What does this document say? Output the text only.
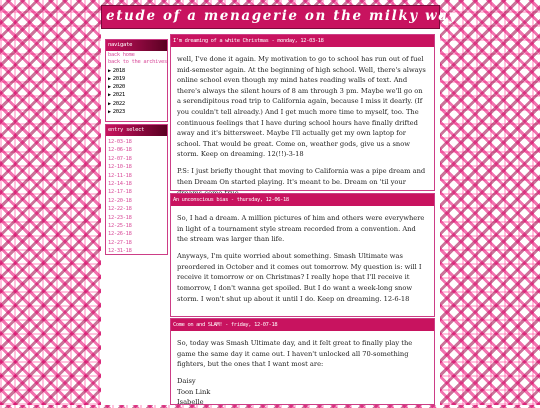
etude of a menagerie on the milky way
navigate
back home
back to the archives
▶ 2018
▶ 2019
▶ 2020
▶ 2021
▶ 2022
▶ 2023
entry select
12-03-18
12-06-18
12-07-18
12-10-18
12-11-18
12-14-18
12-17-18
12-20-18
12-22-18
12-23-18
12-25-18
12-26-18
12-27-18
12-31-18
I'm dreaming of a white Christmas - monday, 12-03-18

well, I've done it again. My motivation to go to school has run out of fuel mid-semester again. At the beginning of high school. Well, there's always online school even though my mind hates reading walls of text. And there's always the silent hours of 8 am through 3 pm. Maybe we'll go on a serendipitous road trip to California again, because I miss it dearly. (If you couldn't tell already.) And I get much more time to myself, too. The continuous feelings that I have during school hours have finally drifted away and it's bittersweet. Maybe I'll actually get my own laptop for school. That would be great. Come on, weather gods, give us a snow storm. Keep on dreaming. 12(!!)-3-18

P.S: I just briefly thought that moving to California was a pipe dream and then Dream On started playing. It's meant to be. Dream on 'til your

An unconscious bias - thursday, 12-06-18

So, I had a dream. A million pictures of him and others were everywhere in light of a tournament style stream recorded from a convention. And the stream was larger than life.

Anyways, I'm quite worried about something. Smash Ultimate was preordered in October and it comes out tomorrow. My question is: will I receive it tomorrow or on Christmas? I really hope that I'll receive it tomorrow, I don't wanna get spoiled. But I do want a week-long snow storm. I won't shut up about it until I do. Keep on dreaming. 12-6-18

Come on and SLAM! - friday, 12-07-18

So, today was Smash Ultimate day, and it felt great to finally play the game the same day it came out. I haven't unlocked all 70-something fighters, but the ones that I want most are:

Daisy
Toon Link
Isabelle
